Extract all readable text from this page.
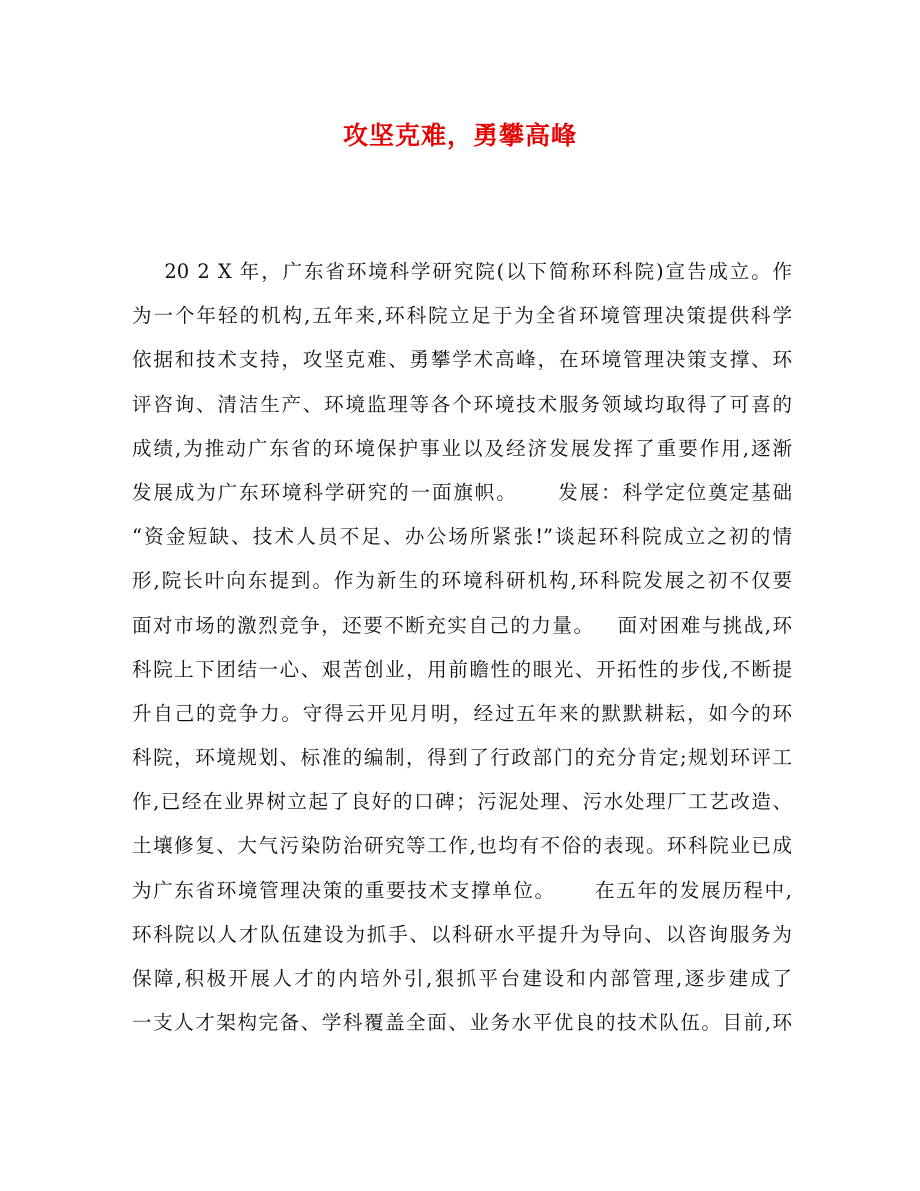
攻坚克难，勇攀高峰
20 2 X 年，广东省环境科学研究院(以下简称环科院)宣告成立。作
为一个年轻的机构,五年来,环科院立足于为全省环境管理决策提供科学
依据和技术支持，攻坚克难、勇攀学术高峰，在环境管理决策支撑、环
评咨询、清洁生产、环境监理等各个环境技术服务领域均取得了可喜的
成绩,为推动广东省的环境保护事业以及经济发展发挥了重要作用,逐渐
发展成为广东环境科学研究的一面旗帜。     发展：科学定位奠定基础
“资金短缺、技术人员不足、办公场所紧张!”谈起环科院成立之初的情
形,院长叶向东提到。作为新生的环境科研机构,环科院发展之初不仅要
面对市场的激烈竞争，还要不断充实自己的力量。   面对困难与挑战,环
科院上下团结一心、艰苦创业，用前瞻性的眼光、开拓性的步伐,不断提
升自己的竞争力。守得云开见月明，经过五年来的默默耕耘，如今的环
科院，环境规划、标准的编制，得到了行政部门的充分肯定;规划环评工
作,已经在业界树立起了良好的口碑；污泥处理、污水处理厂工艺改造、
土壤修复、大气污染防治研究等工作,也均有不俗的表现。环科院业已成
为广东省环境管理决策的重要技术支撑单位。     在五年的发展历程中,
环科院以人才队伍建设为抓手、以科研水平提升为导向、以咨询服务为
保障,积极开展人才的内培外引,狠抓平台建设和内部管理,逐步建成了
一支人才架构完备、学科覆盖全面、业务水平优良的技术队伍。目前,环
